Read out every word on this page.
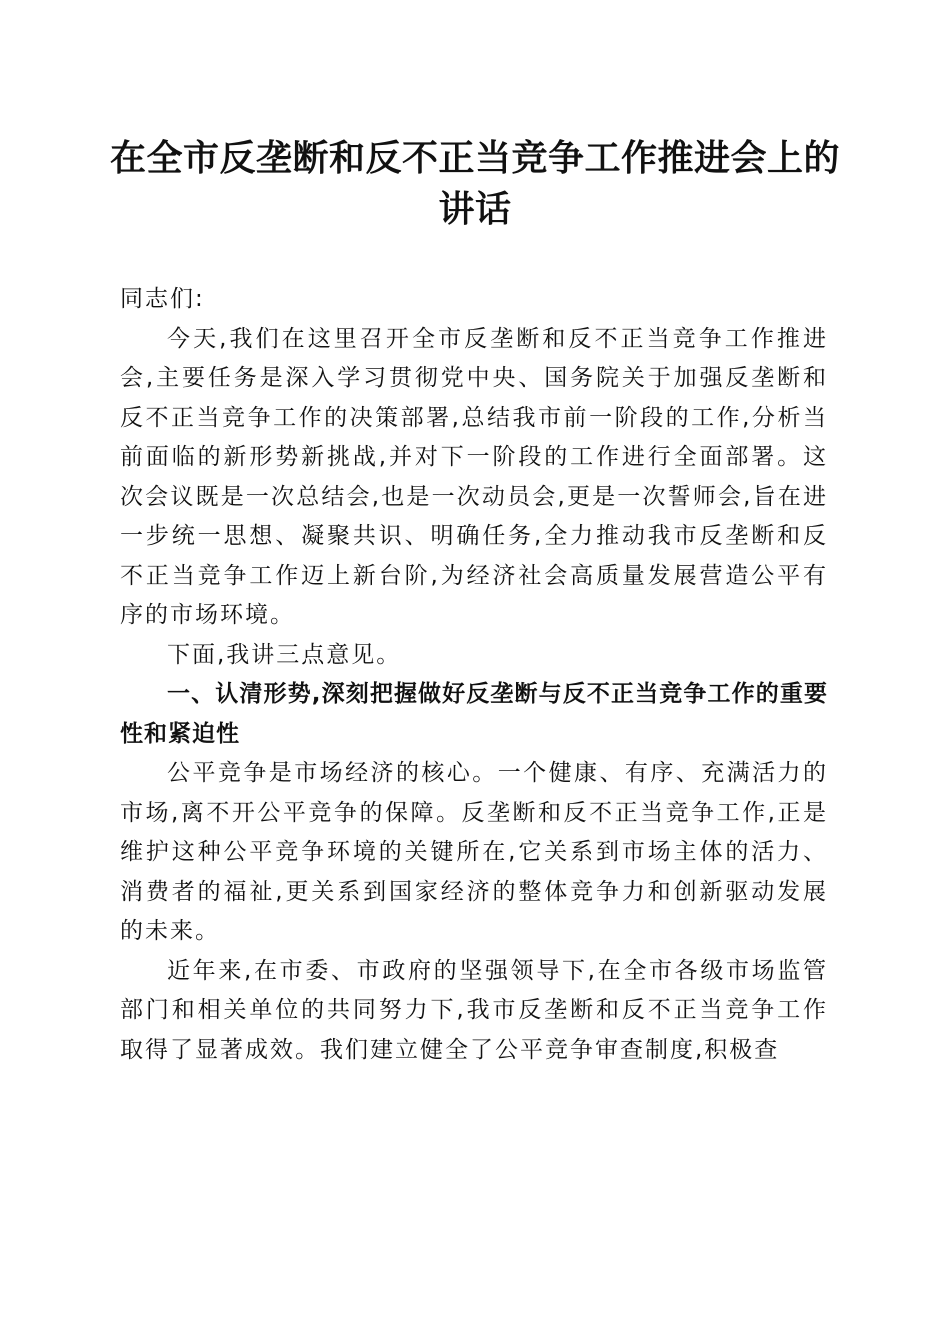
在全市反垄断和反不正当竞争工作推进会上的讲话

同志们:

今天,我们在这里召开全市反垄断和反不正当竞争工作推进会,主要任务是深入学习贯彻党中央、国务院关于加强反垄断和反不正当竞争工作的决策部署,总结我市前一阶段的工作,分析当前面临的新形势新挑战,并对下一阶段的工作进行全面部署。这次会议既是一次总结会,也是一次动员会,更是一次誓师会,旨在进一步统一思想、凝聚共识、明确任务,全力推动我市反垄断和反不正当竞争工作迈上新台阶,为经济社会高质量发展营造公平有序的市场环境。

下面,我讲三点意见。

一、认清形势,深刻把握做好反垄断与反不正当竞争工作的重要性和紧迫性

公平竞争是市场经济的核心。一个健康、有序、充满活力的市场,离不开公平竞争的保障。反垄断和反不正当竞争工作,正是维护这种公平竞争环境的关键所在,它关系到市场主体的活力、消费者的福祉,更关系到国家经济的整体竞争力和创新驱动发展的未来。

近年来,在市委、市政府的坚强领导下,在全市各级市场监管部门和相关单位的共同努力下,我市反垄断和反不正当竞争工作取得了显著成效。我们建立健全了公平竞争审查制度,积极查
